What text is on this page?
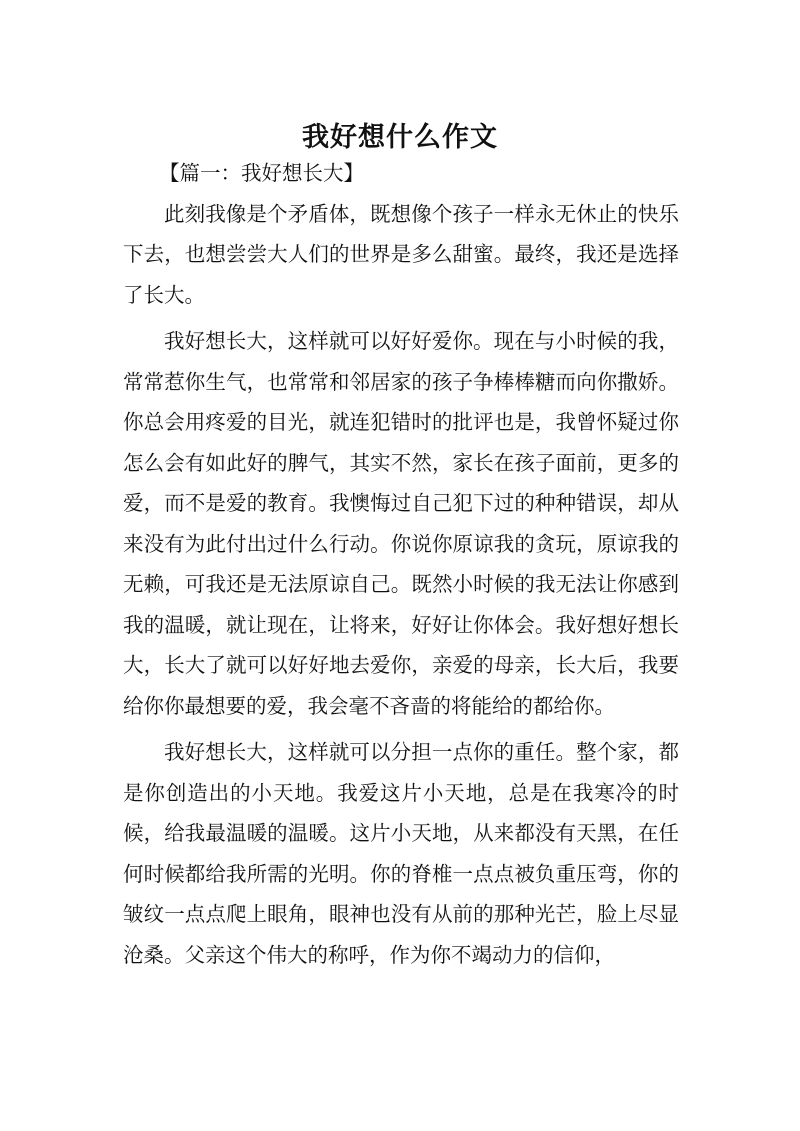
我好想什么作文

【篇一：我好想长大】

此刻我像是个矛盾体，既想像个孩子一样永无休止的快乐下去，也想尝尝大人们的世界是多么甜蜜。最终，我还是选择了长大。

我好想长大，这样就可以好好爱你。现在与小时候的我，常常惹你生气，也常常和邻居家的孩子争棒棒糖而向你撒娇。你总会用疼爱的目光，就连犯错时的批评也是，我曾怀疑过你怎么会有如此好的脾气，其实不然，家长在孩子面前，更多的爱，而不是爱的教育。我懊悔过自己犯下过的种种错误，却从来没有为此付出过什么行动。你说你原谅我的贪玩，原谅我的无赖，可我还是无法原谅自己。既然小时候的我无法让你感到我的温暖，就让现在，让将来，好好让你体会。我好想好想长大，长大了就可以好好地去爱你，亲爱的母亲，长大后，我要给你你最想要的爱，我会毫不吝啬的将能给的都给你。

我好想长大，这样就可以分担一点你的重任。整个家，都是你创造出的小天地。我爱这片小天地，总是在我寒冷的时候，给我最温暖的温暖。这片小天地，从来都没有天黑，在任何时候都给我所需的光明。你的脊椎一点点被负重压弯，你的皱纹一点点爬上眼角，眼神也没有从前的那种光芒，脸上尽显沧桑。父亲这个伟大的称呼，作为你不竭动力的信仰，
